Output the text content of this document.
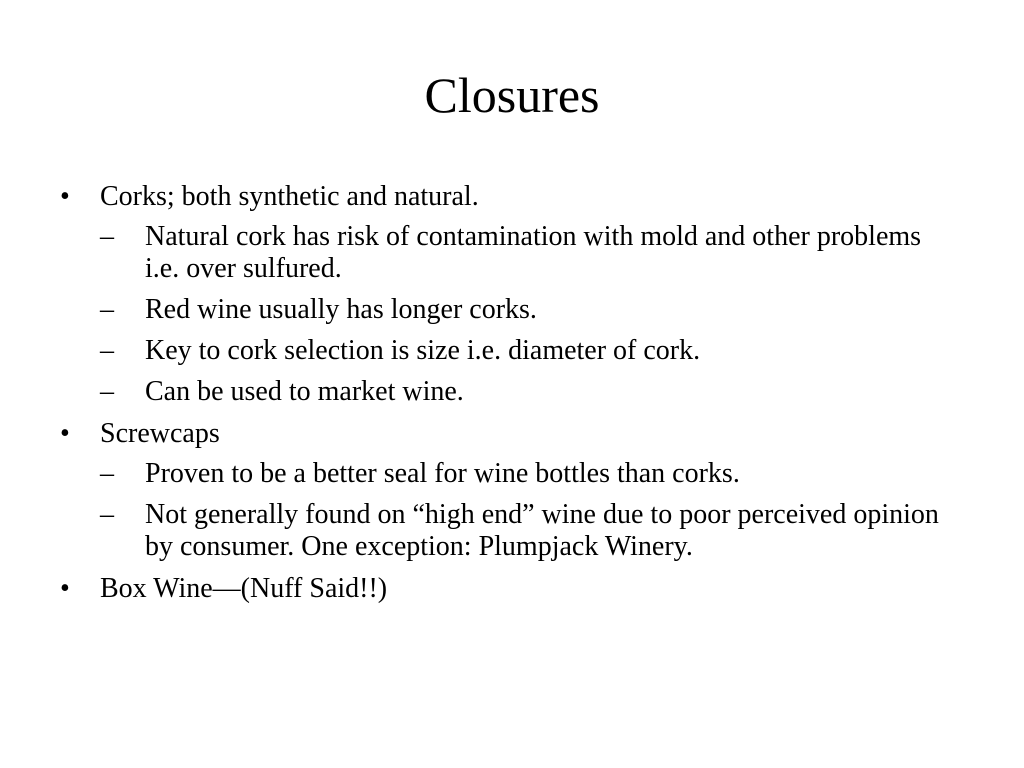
Closures
•	Corks; both synthetic and natural.
–	Natural cork has risk of contamination with mold and other problems i.e. over sulfured.
–	Red wine usually has longer corks.
–	Key to cork selection is size i.e. diameter of cork.
–	Can be used to market wine.
•	Screwcaps
–	Proven to be a better seal for wine bottles than corks.
–	Not generally found on “high end” wine due to poor perceived opinion by consumer. One exception: Plumpjack Winery.
•	Box Wine—(Nuff Said!!)
